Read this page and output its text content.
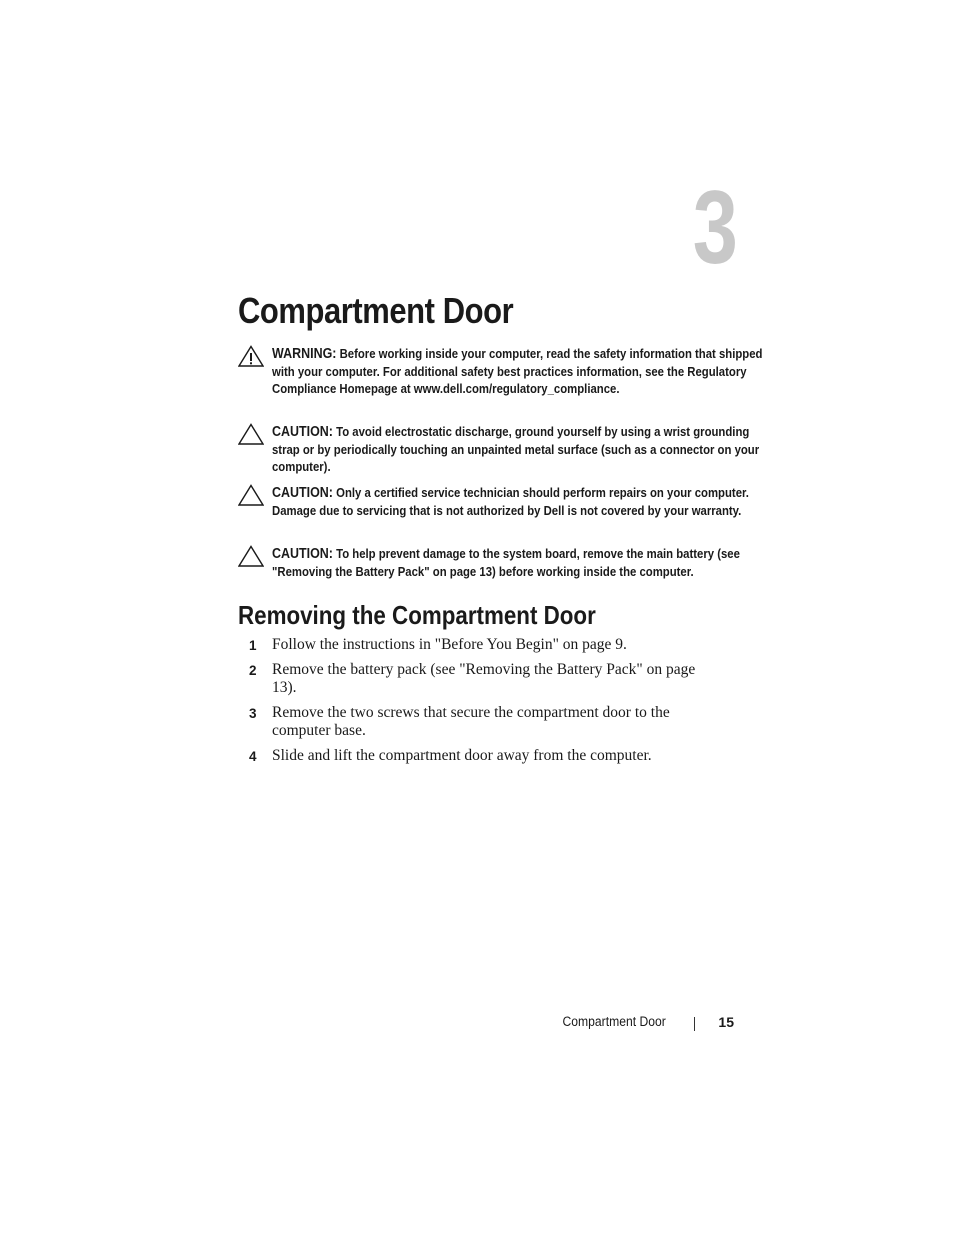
3
Compartment Door
WARNING: Before working inside your computer, read the safety information that shipped with your computer. For additional safety best practices information, see the Regulatory Compliance Homepage at www.dell.com/regulatory_compliance.
CAUTION: To avoid electrostatic discharge, ground yourself by using a wrist grounding strap or by periodically touching an unpainted metal surface (such as a connector on your computer).
CAUTION: Only a certified service technician should perform repairs on your computer. Damage due to servicing that is not authorized by Dell is not covered by your warranty.
CAUTION: To help prevent damage to the system board, remove the main battery (see "Removing the Battery Pack" on page 13) before working inside the computer.
Removing the Compartment Door
1 Follow the instructions in "Before You Begin" on page 9.
2 Remove the battery pack (see "Removing the Battery Pack" on page 13).
3 Remove the two screws that secure the compartment door to the computer base.
4 Slide and lift the compartment door away from the computer.
Compartment Door	15
